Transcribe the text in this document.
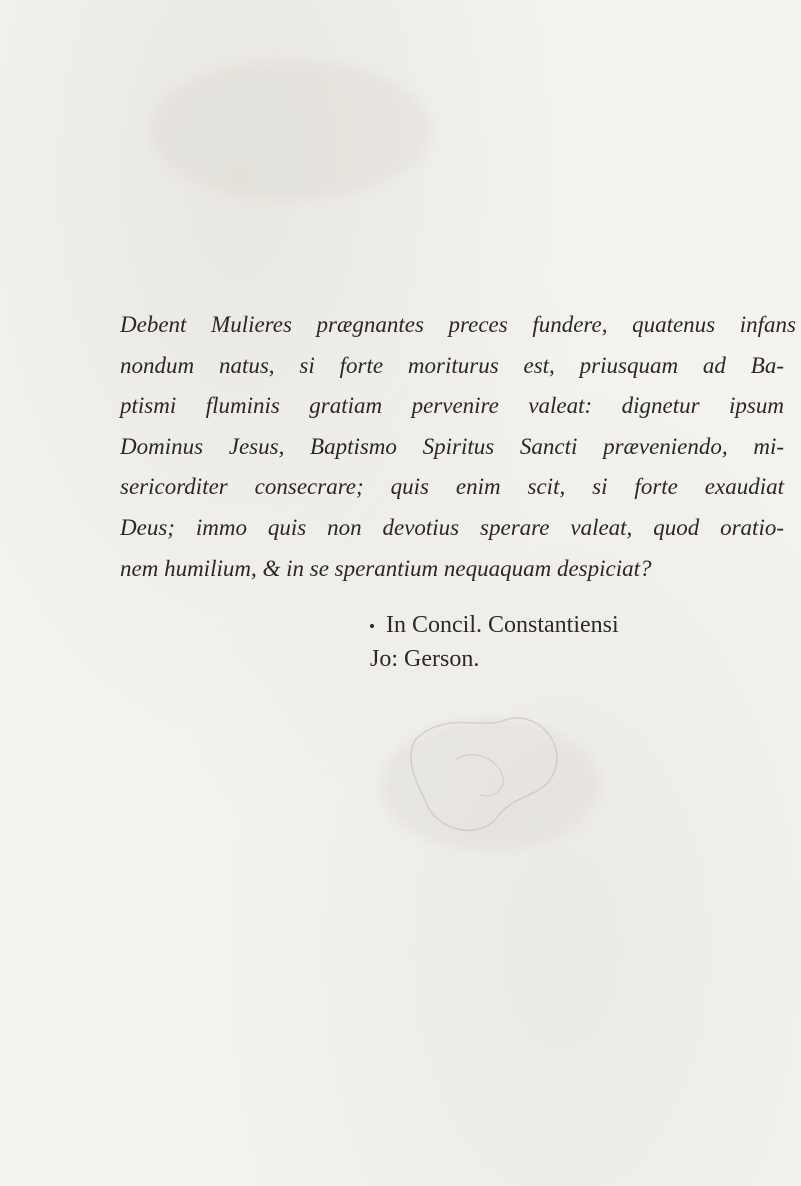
Debent Mulieres prægnantes preces fundere, quatenus infans
nondum natus, si forte moriturus est, priusquam ad Ba-
ptismi fluminis gratiam pervenire valeat: dignetur ipsum
Dominus Jesus, Baptismo Spiritus Sancti præveniendo, mi-
sericorditer consecrare; quis enim scit, si forte exaudiat
Deus; immo quis non devotius sperare valeat, quod oratio-
nem humilium, & in se sperantium nequaquam despiciat?

In Concil. Constantiensi
Jo: Gerson.
